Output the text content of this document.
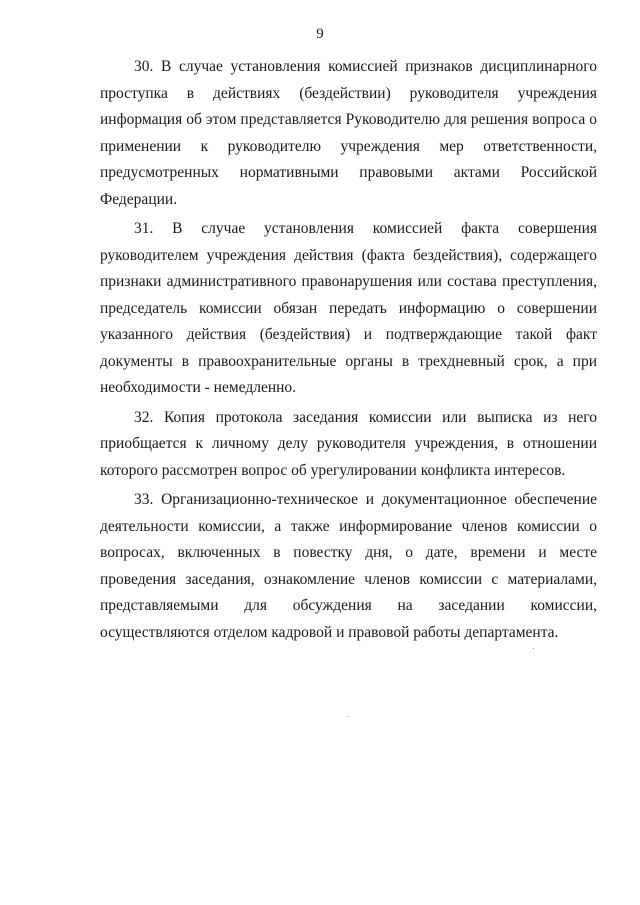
9

30. В случае установления комиссией признаков дисциплинарного проступка в действиях (бездействии) руководителя учреждения информация об этом представляется Руководителю для решения вопроса о применении к руководителю учреждения мер ответственности, предусмотренных нормативными правовыми актами Российской Федерации.

31. В случае установления комиссией факта совершения руководителем учреждения действия (факта бездействия), содержащего признаки административного правонарушения или состава преступления, председатель комиссии обязан передать информацию о совершении указанного действия (бездействия) и подтверждающие такой факт документы в правоохранительные органы в трехдневный срок, а при необходимости - немедленно.

32. Копия протокола заседания комиссии или выписка из него приобщается к личному делу руководителя учреждения, в отношении которого рассмотрен вопрос об урегулировании конфликта интересов.

33. Организационно-техническое и документационное обеспечение деятельности комиссии, а также информирование членов комиссии о вопросах, включенных в повестку дня, о дате, времени и месте проведения заседания, ознакомление членов комиссии с материалами, представляемыми для обсуждения на заседании комиссии, осуществляются отделом кадровой и правовой работы департамента.
